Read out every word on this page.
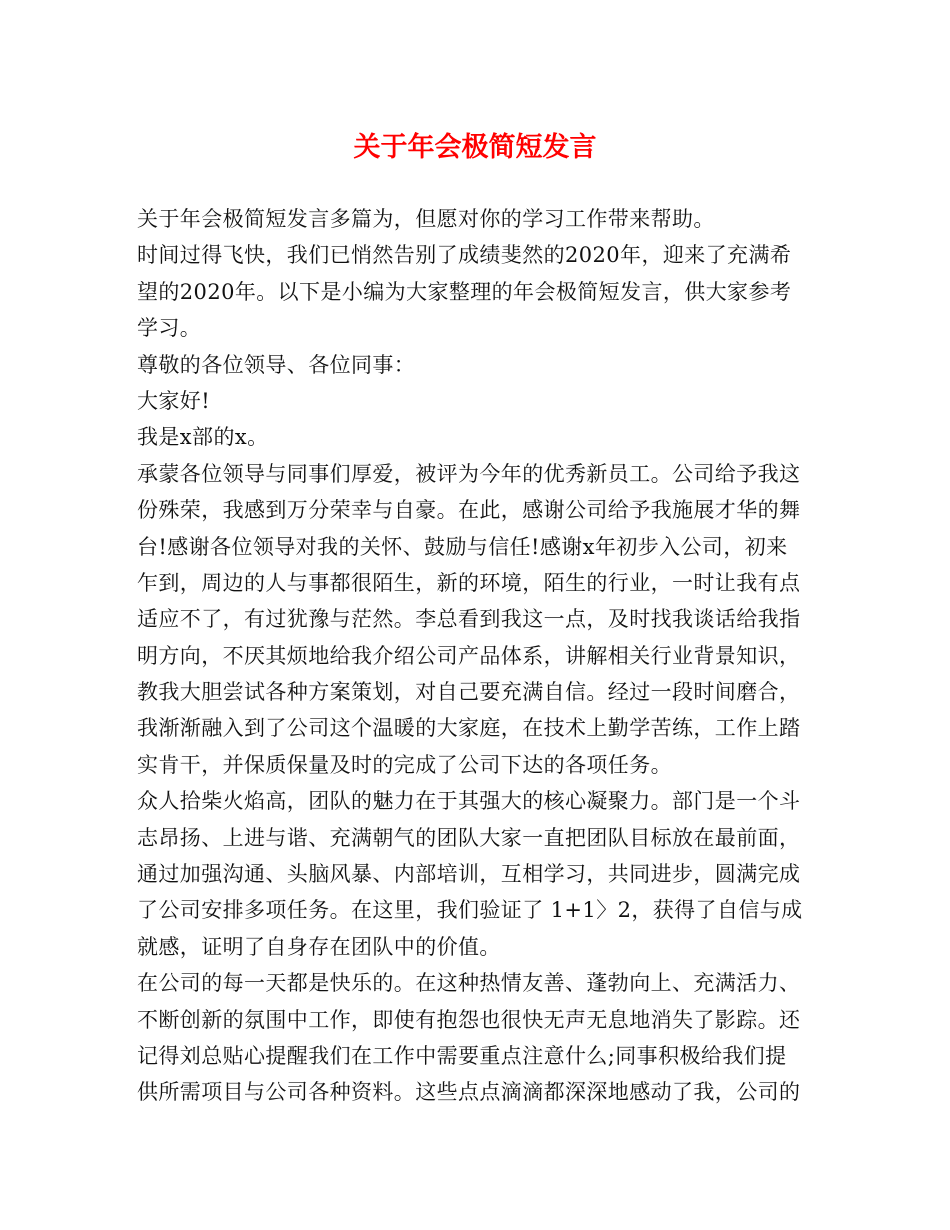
关于年会极简短发言
关于年会极简短发言多篇为，但愿对你的学习工作带来帮助。
时间过得飞快，我们已悄然告别了成绩斐然的2020年，迎来了充满希
望的2020年。以下是小编为大家整理的年会极简短发言，供大家参考
学习。
尊敬的各位领导、各位同事：
大家好!
我是x部的x。
承蒙各位领导与同事们厚爱，被评为今年的优秀新员工。公司给予我这
份殊荣，我感到万分荣幸与自豪。在此，感谢公司给予我施展才华的舞
台!感谢各位领导对我的关怀、鼓励与信任!感谢x年初步入公司，初来
乍到，周边的人与事都很陌生，新的环境，陌生的行业，一时让我有点
适应不了，有过犹豫与茫然。李总看到我这一点，及时找我谈话给我指
明方向，不厌其烦地给我介绍公司产品体系，讲解相关行业背景知识，
教我大胆尝试各种方案策划，对自己要充满自信。经过一段时间磨合，
我渐渐融入到了公司这个温暖的大家庭，在技术上勤学苦练，工作上踏
实肯干，并保质保量及时的完成了公司下达的各项任务。
众人拾柴火焰高，团队的魅力在于其强大的核心凝聚力。部门是一个斗
志昂扬、上进与谐、充满朝气的团队大家一直把团队目标放在最前面，
通过加强沟通、头脑风暴、内部培训，互相学习，共同进步，圆满完成
了公司安排多项任务。在这里，我们验证了 1+1〉2，获得了自信与成
就感，证明了自身存在团队中的价值。
在公司的每一天都是快乐的。在这种热情友善、蓬勃向上、充满活力、
不断创新的氛围中工作，即使有抱怨也很快无声无息地消失了影踪。还
记得刘总贴心提醒我们在工作中需要重点注意什么;同事积极给我们提
供所需项目与公司各种资料。这些点点滴滴都深深地感动了我，公司的
